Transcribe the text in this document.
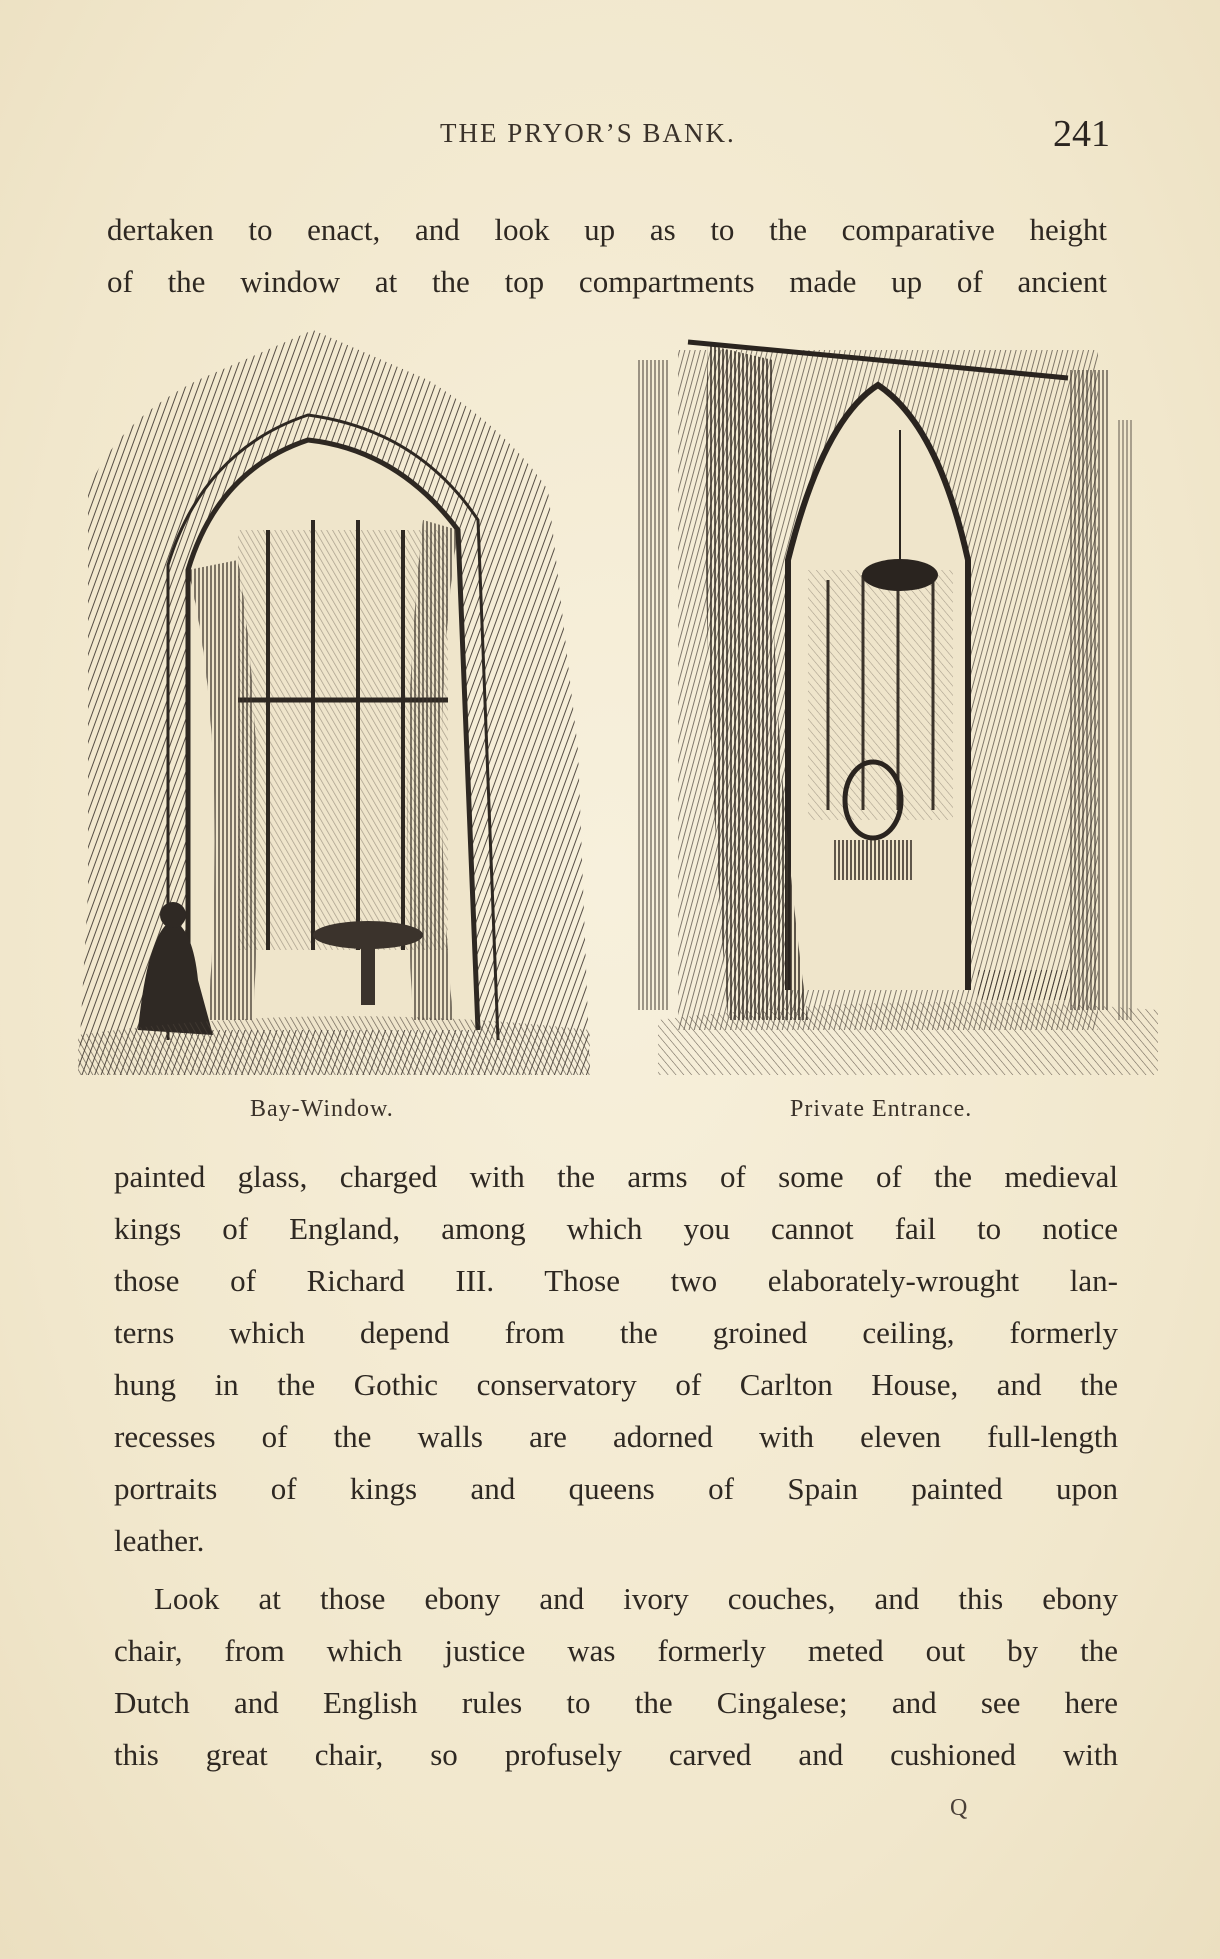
THE PRYOR’S BANK.	241

dertaken to enact, and look up as to the comparative height
of the window at the top compartments made up of ancient

Bay-Window.	Private Entrance.

painted glass, charged with the arms of some of the medieval
kings of England, among which you cannot fail to notice
those of Richard III. Those two elaborately-wrought lan-
terns which depend from the groined ceiling, formerly
hung in the Gothic conservatory of Carlton House, and the
recesses of the walls are adorned with eleven full-length
portraits of kings and queens of Spain painted upon
leather.

Look at those ebony and ivory couches, and this ebony
chair, from which justice was formerly meted out by the
Dutch and English rules to the Cingalese; and see here
this great chair, so profusely carved and cushioned with

Q
